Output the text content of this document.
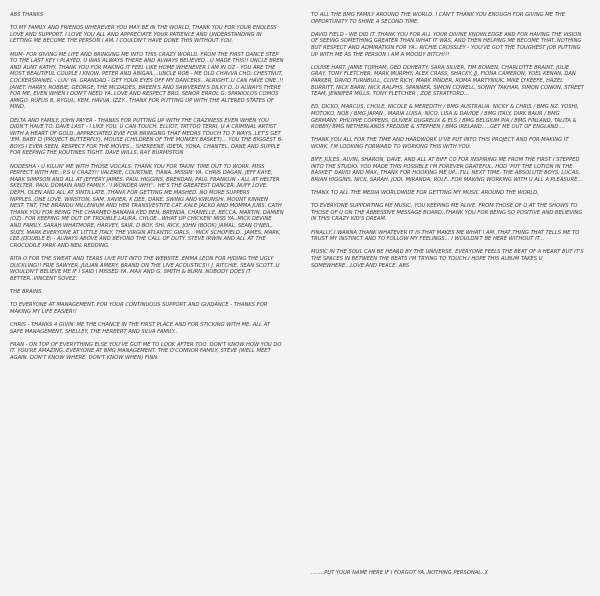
ABS THANKS

TO MY FAMILY AND FRIENDS WHEREVER YOU MAY BE IN THE WORLD, THANK YOU FOR YOUR ENDLESS LOVE AND SUPPORT. I LOVE YOU ALL AND APPRECIATE YOUR PATIENCE AND UNDERSTANDING IN LETTING ME BECOME THE PERSON I AM. I COULDN'T HAVE DONE THIS WITHOUT YOU.

MUM- FOR GIVING ME LIFE AND BRINGING ME INTO THIS CRAZY WORLD. FROM THE FIRST DANCE STEP TO THE LAST KEY I PLAYED, U WAS ALWAYS THERE AND ALWAYS BELIEVED...U MADE THIS!! UNCLE BREN AND AUNT KATHY, THANK YOU FOR MAKING IT FEEL LIKE HOME WHENEVER I AM IN OZ - YOU ARE THE MOST BEAUTIFUL COUPLE I KNOW. PETER AND ABIGAIL...UNCLE ROB - ME OLD CHAVVA CHO, CHESTNUT, COCKERSPANIEL - LUV YA. GRANDAD - GET YOUR EYES OFF MY DANCERS...ALRIGHT..U CAN HAVE ONE..!! JANET, HARRY, ROBBIE, GEORGE, THE MCDADES, BREEN'S AND SAWVEREN'S DILKY D..U ALWAYS THERE FOR ME, EVEN WHEN I DON'T NEED YA..LOVE AND RESPECT BRO. SENOR ERROL G. SPANIOLOS COMOS AMIGO. RUFUS B, RYGUL, KEM, HAVVA, IZZY.. THANX FOR PUTTING UP WITH THE ALTERED STATES OF MIND.

DELTA AND FAMILY, JOHN PAYER - THANKS FOR PUTTING UP WITH THE CRAZINESS EVEN WHEN YOU DIDN'T HAVE TO. DAVE LAST - I LIKE YOU. U CAN TOUCH. ELLIOT, TATTOO TERRI, U A CRIMINAL ARTIST WITH A HEART OF GOLD..APPRECIATED.EVIE FOR BRINGING THAT MEDAS TOUCH TO 7 WAYS..LET'S GET 'EM. BABY D (PROJECT BUTTERFLY), MOUSE (CHILDREN OF THE MONKEY BASKET)... YOU THE BIGGEST B-BOYS I EVER SEEN. RESPECT FOR THE MOVES... SHEREENE, IDETA, YONA, CHANTEL, DANE AND SUPPLE FOR KEEPING THE ROUTINES TIGHT. DAVE WILLS, RAY BURMISTON

NODESHA - U KILLIN' ME WITH THOSE VOCALS. THANK YOU FOR TAKIN' TIME OUT TO WORK. MISS PERFECT WITH ME...P.S U CRAZY!! VALERIE, COURTNIE, TIANA..MISSIN' YA. CHRIS DAGAN, JEFF KAYE, MARK SIMPSON AND ALL AT JEFFERY JAMES. PAUL HIGGINS, BRENDAN, PAUL FRANKLIN - ALL AT HELTER SKELTER. PAUL DOMAIN AND FAMILY.. 'I WONDER WHY'.. HE'S THE GREATEST DANCER..NUFF LOVE. DEPH, OLEN AND ALL AT SINTILLATE..THANX FOR GETTING ME MASHED..NO MORE SUPPERS NIPPLES..ONE LOVE. WINSTON, SAM, XAVIER, K DEE, DANE, SWING AND KWUNSHI. MOUNT KINNEN NEST. TNT, THE BRANDU MILLENIUM AND HER TRANSVESTITE CAT..KALE JACKO AND MOMMA JUBS. CATH THANK YOU FOR BEING THE CHARMED BANANA.KED BEN, BRENDA, CHANELLE, BECCA, MARTIN, DAMIEN (OZ)..FOR KEEPING ME OUT OF TROUBLE.LAURA, CHLOE...WHAT UP CHICKEN' MISS YA..MICK DEVINE AND FAMILY. SARAH WHATMORE, HARVEY, SAIR, D BOY, SHI, RICK, JOHN (BOOK) JAMAL, SEAN O'NEIL, SUZY, MARK EVERYONE AT LITTLE ITALY, THE VIRGIN ATLANTIC GIRLS... MICK SCHOFIELD.. JAMES, MARK, LEE (DOUBLE E) - ALWAYS ABOVE AND BEYOND THE CALL OF DUTY. STEVE IRWIN AND ALL AT THE CROCODILE PARK AND NEIL REDDING.

RITA O FOR THE SWEAT AND TEARS LIVE PUT INTO THE WEBSITE..EMMA LEON FOR HIDING THE UGLY DUCKLING!! FRIE SAWYER..JULIAN AMERY, BRAND ON THE LIVE ACOUSTICS!! J. RITCHIE, SEAN SCOTT..U WOULDN'T BELIEVE ME IF I SAID I MISSED YA..MAX AND G. SMITH & BURN..NOBODY DOES IT BETTER..VINCENT SOVEZ.

THE BRAINS

TO EVERYONE AT MANAGEMENT, FOR YOUR CONTINUOUS SUPPORT AND GUIDANCE - THANKS FOR MAKING MY LIFE EASIER!!

CHRIS - THANKS 4 GIVIN' ME THE CHANCE IN THE FIRST PLACE AND FOR STICKING WITH ME. ALL AT SAFE MANAGEMENT, SHELLEY, THE HERBERT AND SILVA FAMILY..

FRAN - ON TOP OF EVERYTHING ELSE YOU'VE GOT ME TO LOOK AFTER TOO. DON'T KNOW HOW YOU DO IT. YOU'RE AMAZING. EVERYONE AT BMG MANAGEMENT. THE O'CONNOR FAMILY, STEVE (WELL MEET AGAIN. DON'T KNOW WHERE. DON'T KNOW WHEN) FINN.

TO ALL THE BMG FAMILY AROUND THE WORLD. I CAN'T THANK YOU ENOUGH FOR GIVING ME THE OPPORTUNITY TO SHINE A SECOND TIME.

DAVID FIELD - WE DID IT..THANK YOU FOR ALL YOUR DIVINE KNOWLEDGE AND FOR HAVING THE VISION OF SEEING SOMETHING GREATER THAN WHAT IT WAS, AND THEN HELPING ME BECOME THAT..NOTHING BUT RESPECT AND ADMIRATION FOR YA.. RICHIE CROSSLEY - YOU'VE GOT THE TOUGHEST JOB PUTTING UP WITH ME AS THE PERSON I AM A MOODY BITCH!!!

LOUISE HART, JAMIE TOPHAM, GED DOHERTY, SARA SILVER, TIM BOWEN, CHARLOTTE BRAINT, JULIE GRAY, TONY FLETCHER, MARK MURPHY, ALEX CRASS, SHACKY, JJ, FIONA CAMERON, YOEL KENAN, DAN PARKER, DAVID TURNBULL, CLIVE RICH, MARK PINDER, ROMA MARTYNIUK, MIKE O'KEEFE, HAZEL BURRITT, NICK BARN, NICK RALPHS, SPANNER, SIMON COWELL, SONNY TAKHAR, SIMON CONKIN, STREET TEAM, JENNIFER MILLS, TONY FLETCHER , ZOE STRATFORD...

ED, DICKO, MARCUS, CHOLE, NICOLE & MEREDITH / BMG AUSTRALIA. NICKY & CHRIS / BMG NZ. YOSHI, MOTOKO, NOB / BMG JAPAN , MARIA LUISA, NICO, LISA & DAVIDE / BMG ITALY, DIRK BAUR / BMG GERMANY. PHILIPPE COPPENS, OLIVIER DUGRELIX & ELS / BMG BELGIUM PIA / BMG FINLAND, TALITA & ROBBY/ BMG NETHERLANDS FREDDIE & STEPHEN / BMG IRELAND.....GET ME OUT OF ENGLAND....

THANK YOU ALL FOR THE TIME AND HARDWORK U'VE PUT INTO THIS PROJECT AND FOR MAKING IT WORK. I'M LOOKING FORWARD TO WORKING THIS WITH YOU.

BIFF, JULES, ALVIN, SHARON, DAVE, AND ALL AT BIFF CO FOR INSPIRING ME FROM THE FIRST I STEPPED INTO THE STUDIO. YOU MADE THIS POSSIBLE I'M FOREVER GRATEFUL. HOD 'PUT THE LOTION IN THE BASKET' DAVID AND MAX, THANX FOR HOOKING ME UP...TILL NEXT TIME. THE ABSOLUTE BOYS. LUCAS, BRIAN HIGGINS, NICK, SARAH, JODI, MIRANDA, ROLF...FOR MAKING WORKING WITH U ALL A PLEASURE...

THANX TO ALL THE MEDIA WORLDWIDE FOR GETTING MY MUSIC AROUND THE WORLD,

TO EVERYONE SUPPORTING ME MUSIC, YOU KEEPING ME ALIVE. FROM THOSE OF U AT THE SHOWS TO THOSE OF U ON THE ABBESSIVE MESSAGE BOARD..THANK YOU FOR BEING SO POSITIVE AND BELIEVING IN THIS CRAZY KID'S DREAM.

FINALLY..I WANNA THANK WHATEVER IT IS THAT MAKES ME WHAT I AM..THAT THING THAT TELLS ME TO TRUST MY INSTINCT AND TO FOLLOW MY FEELINGS... I WOULDN'T BE HERE WITHOUT IT...

MUSIC IN THE SOUL CAN BE HEARD BY THE UNIVERSE. EVERYONE FEELS THE BEAT OF A HEART BUT IT'S THE SPACES IN BETWEEN THE BEATS I'M TRYING TO TOUCH.I HOPE THIS ALBUM TAKES U SOMEWHERE...LOVE AND PEACE. ABS

........PUT YOUR NAME HERE IF I FORGOT YA..NOTHING PERSONAL..X
